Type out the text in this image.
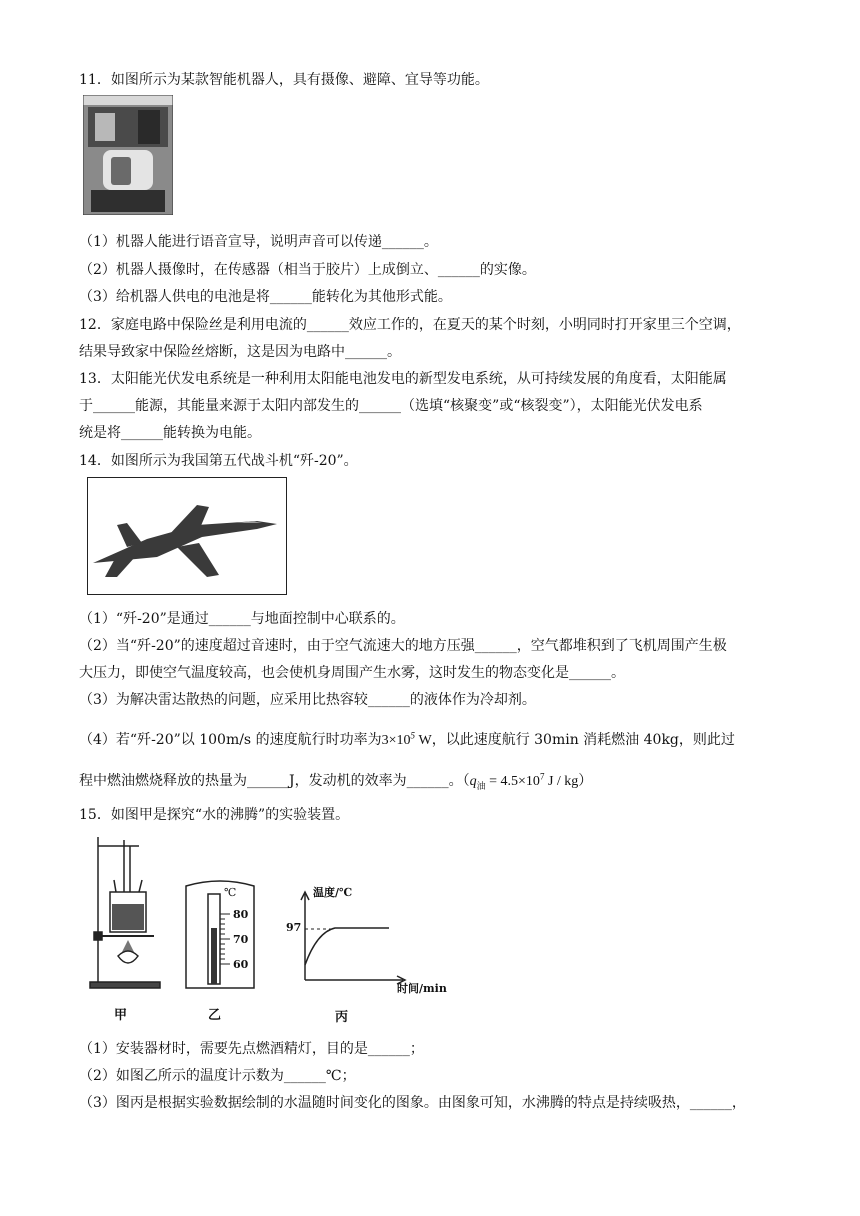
11．如图所示为某款智能机器人，具有摄像、避障、宜导等功能。
（1）机器人能进行语音宣导，说明声音可以传递______。
（2）机器人摄像时，在传感器（相当于胶片）上成倒立、______的实像。
（3）给机器人供电的电池是将______能转化为其他形式能。
12．家庭电路中保险丝是利用电流的______效应工作的，在夏天的某个时刻，小明同时打开家里三个空调，
结果导致家中保险丝熔断，这是因为电路中______。
13．太阳能光伏发电系统是一种利用太阳能电池发电的新型发电系统，从可持续发展的角度看，太阳能属
于______能源，其能量来源于太阳内部发生的______（选填“核聚变”或“核裂变”），太阳能光伏发电系
统是将______能转换为电能。
14．如图所示为我国第五代战斗机“歼-20”。
（1）“歼-20”是通过______与地面控制中心联系的。
（2）当“歼-20”的速度超过音速时，由于空气流速大的地方压强______，空气都堆积到了飞机周围产生极
大压力，即使空气温度较高，也会使机身周围产生水雾，这时发生的物态变化是______。
（3）为解决雷达散热的问题，应采用比热容较______的液体作为冷却剂。
（4）若“歼-20”以 100m/s 的速度航行时功率为$3\times 10^5$ W，以此速度航行 30min 消耗燃油 40kg，则此过
程中燃油燃烧释放的热量为______J，发动机的效率为______。（$q_油 = 4.5\times 10^7$ J / kg）
15．如图甲是探究“水的沸腾”的实验装置。
甲
℃
80
70
60
乙
温度/℃
97
时间/min
丙
（1）安装器材时，需要先点燃酒精灯，目的是______；
（2）如图乙所示的温度计示数为______℃；
（3）图丙是根据实验数据绘制的水温随时间变化的图象。由图象可知，水沸腾的特点是持续吸热，______，
